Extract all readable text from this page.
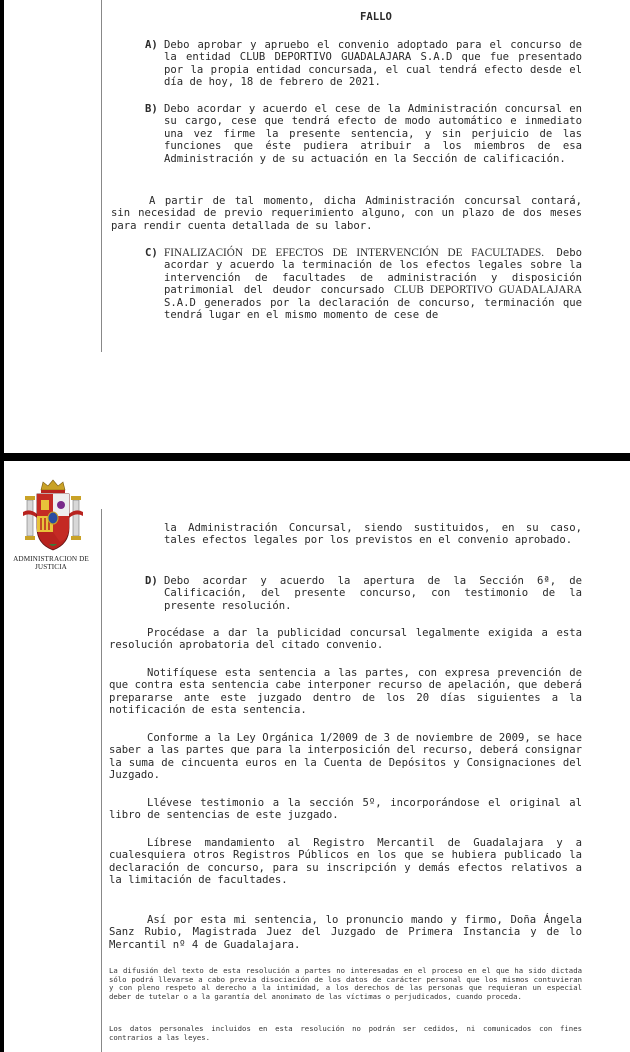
FALLO
A) Debo aprobar y apruebo el convenio adoptado para el concurso de la entidad CLUB DEPORTIVO GUADALAJARA S.A.D que fue presentado por la propia entidad concursada, el cual tendrá efecto desde el día de hoy, 18 de febrero de 2021.

B) Debo acordar y acuerdo el cese de la Administración concursal en su cargo, cese que tendrá efecto de modo automático e inmediato una vez firme la presente sentencia, y sin perjuicio de las funciones que éste pudiera atribuir a los miembros de esa Administración y de su actuación en la Sección de calificación.

A partir de tal momento, dicha Administración concursal contará, sin necesidad de previo requerimiento alguno, con un plazo de dos meses para rendir cuenta detallada de su labor.

C) FINALIZACIÓN DE EFECTOS DE INTERVENCIÓN DE FACULTADES. Debo acordar y acuerdo la terminación de los efectos legales sobre la intervención de facultades de administración y disposición patrimonial del deudor concursado CLUB DEPORTIVO GUADALAJARA S.A.D generados por la declaración de concurso, terminación que tendrá lugar en el mismo momento de cese de

ADMINISTRACION DE JUSTICIA

la Administración Concursal, siendo sustituidos, en su caso, tales efectos legales por los previstos en el convenio aprobado.

D) Debo acordar y acuerdo la apertura de la Sección 6ª, de Calificación, del presente concurso, con testimonio de la presente resolución.

Procédase a dar la publicidad concursal legalmente exigida a esta resolución aprobatoria del citado convenio.

Notifíquese esta sentencia a las partes, con expresa prevención de que contra esta sentencia cabe interponer recurso de apelación, que deberá prepararse ante este juzgado dentro de los 20 días siguientes a la notificación de esta sentencia.

Conforme a la Ley Orgánica 1/2009 de 3 de noviembre de 2009, se hace saber a las partes que para la interposición del recurso, deberá consignar la suma de cincuenta euros en la Cuenta de Depósitos y Consignaciones del Juzgado.

Llévese testimonio a la sección 5º, incorporándose el original al libro de sentencias de este juzgado.

Líbrese mandamiento al Registro Mercantil de Guadalajara y a cualesquiera otros Registros Públicos en los que se hubiera publicado la declaración de concurso, para su inscripción y demás efectos relativos a la limitación de facultades.

Así por esta mi sentencia, lo pronuncio mando y firmo, Doña Ángela Sanz Rubio, Magistrada Juez del Juzgado de Primera Instancia y de lo Mercantil nº 4 de Guadalajara.

La difusión del texto de esta resolución a partes no interesadas en el proceso en el que ha sido dictada sólo podrá llevarse a cabo previa disociación de los datos de carácter personal que los mismos contuvieran y con pleno respeto al derecho a la intimidad, a los derechos de las personas que requieran un especial deber de tutelar o a la garantía del anonimato de las víctimas o perjudicados, cuando proceda.

Los datos personales incluidos en esta resolución no podrán ser cedidos, ni comunicados con fines contrarios a las leyes.
